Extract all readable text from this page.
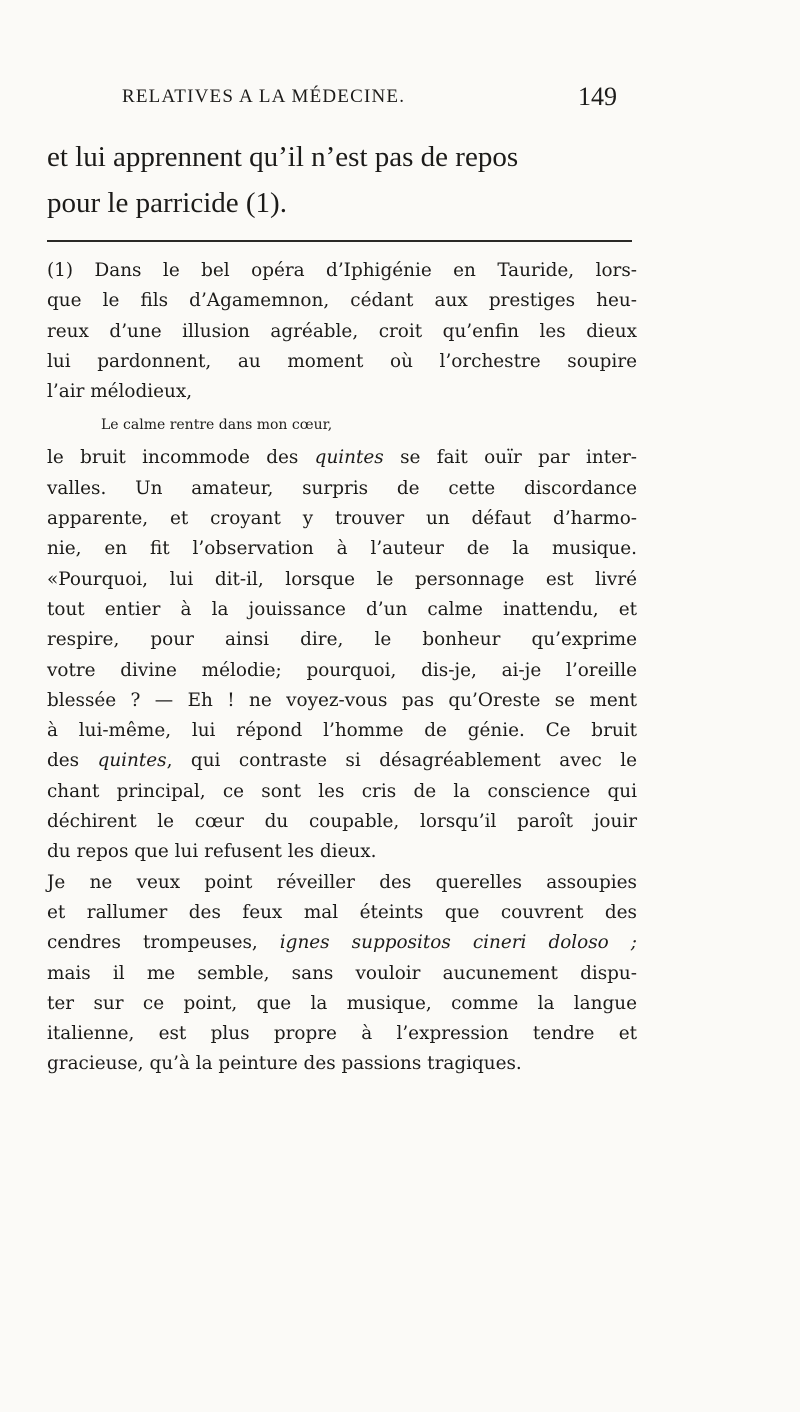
RELATIVES A LA MÉDECINE.	149
et lui apprennent qu’il n’est pas de repos
pour le parricide (1).
(1) Dans le bel opéra d’Iphigénie en Tauride, lors-
que le fils d’Agamemnon, cédant aux prestiges heu-
reux d’une illusion agréable, croit qu’enfin les dieux
lui pardonnent, au moment où l’orchestre soupire
l’air mélodieux,
Le calme rentre dans mon cœur,
le bruit incommode des quintes se fait ouïr par inter-
valles. Un amateur, surpris de cette discordance
apparente, et croyant y trouver un défaut d’harmo-
nie, en fit l’observation à l’auteur de la musique.
«Pourquoi, lui dit-il, lorsque le personnage est livré
tout entier à la jouissance d’un calme inattendu, et
respire, pour ainsi dire, le bonheur qu’exprime
votre divine mélodie; pourquoi, dis-je, ai-je l’oreille
blessée ? — Eh ! ne voyez-vous pas qu’Oreste se ment
à lui-même, lui répond l’homme de génie. Ce bruit
des quintes, qui contraste si désagréablement avec le
chant principal, ce sont les cris de la conscience qui
déchirent le cœur du coupable, lorsqu’il paroît jouir
du repos que lui refusent les dieux.
Je ne veux point réveiller des querelles assoupies
et rallumer des feux mal éteints que couvrent des
cendres trompeuses, ignes suppositos cineri doloso ;
mais il me semble, sans vouloir aucunement dispu-
ter sur ce point, que la musique, comme la langue
italienne, est plus propre à l’expression tendre et
gracieuse, qu’à la peinture des passions tragiques.
